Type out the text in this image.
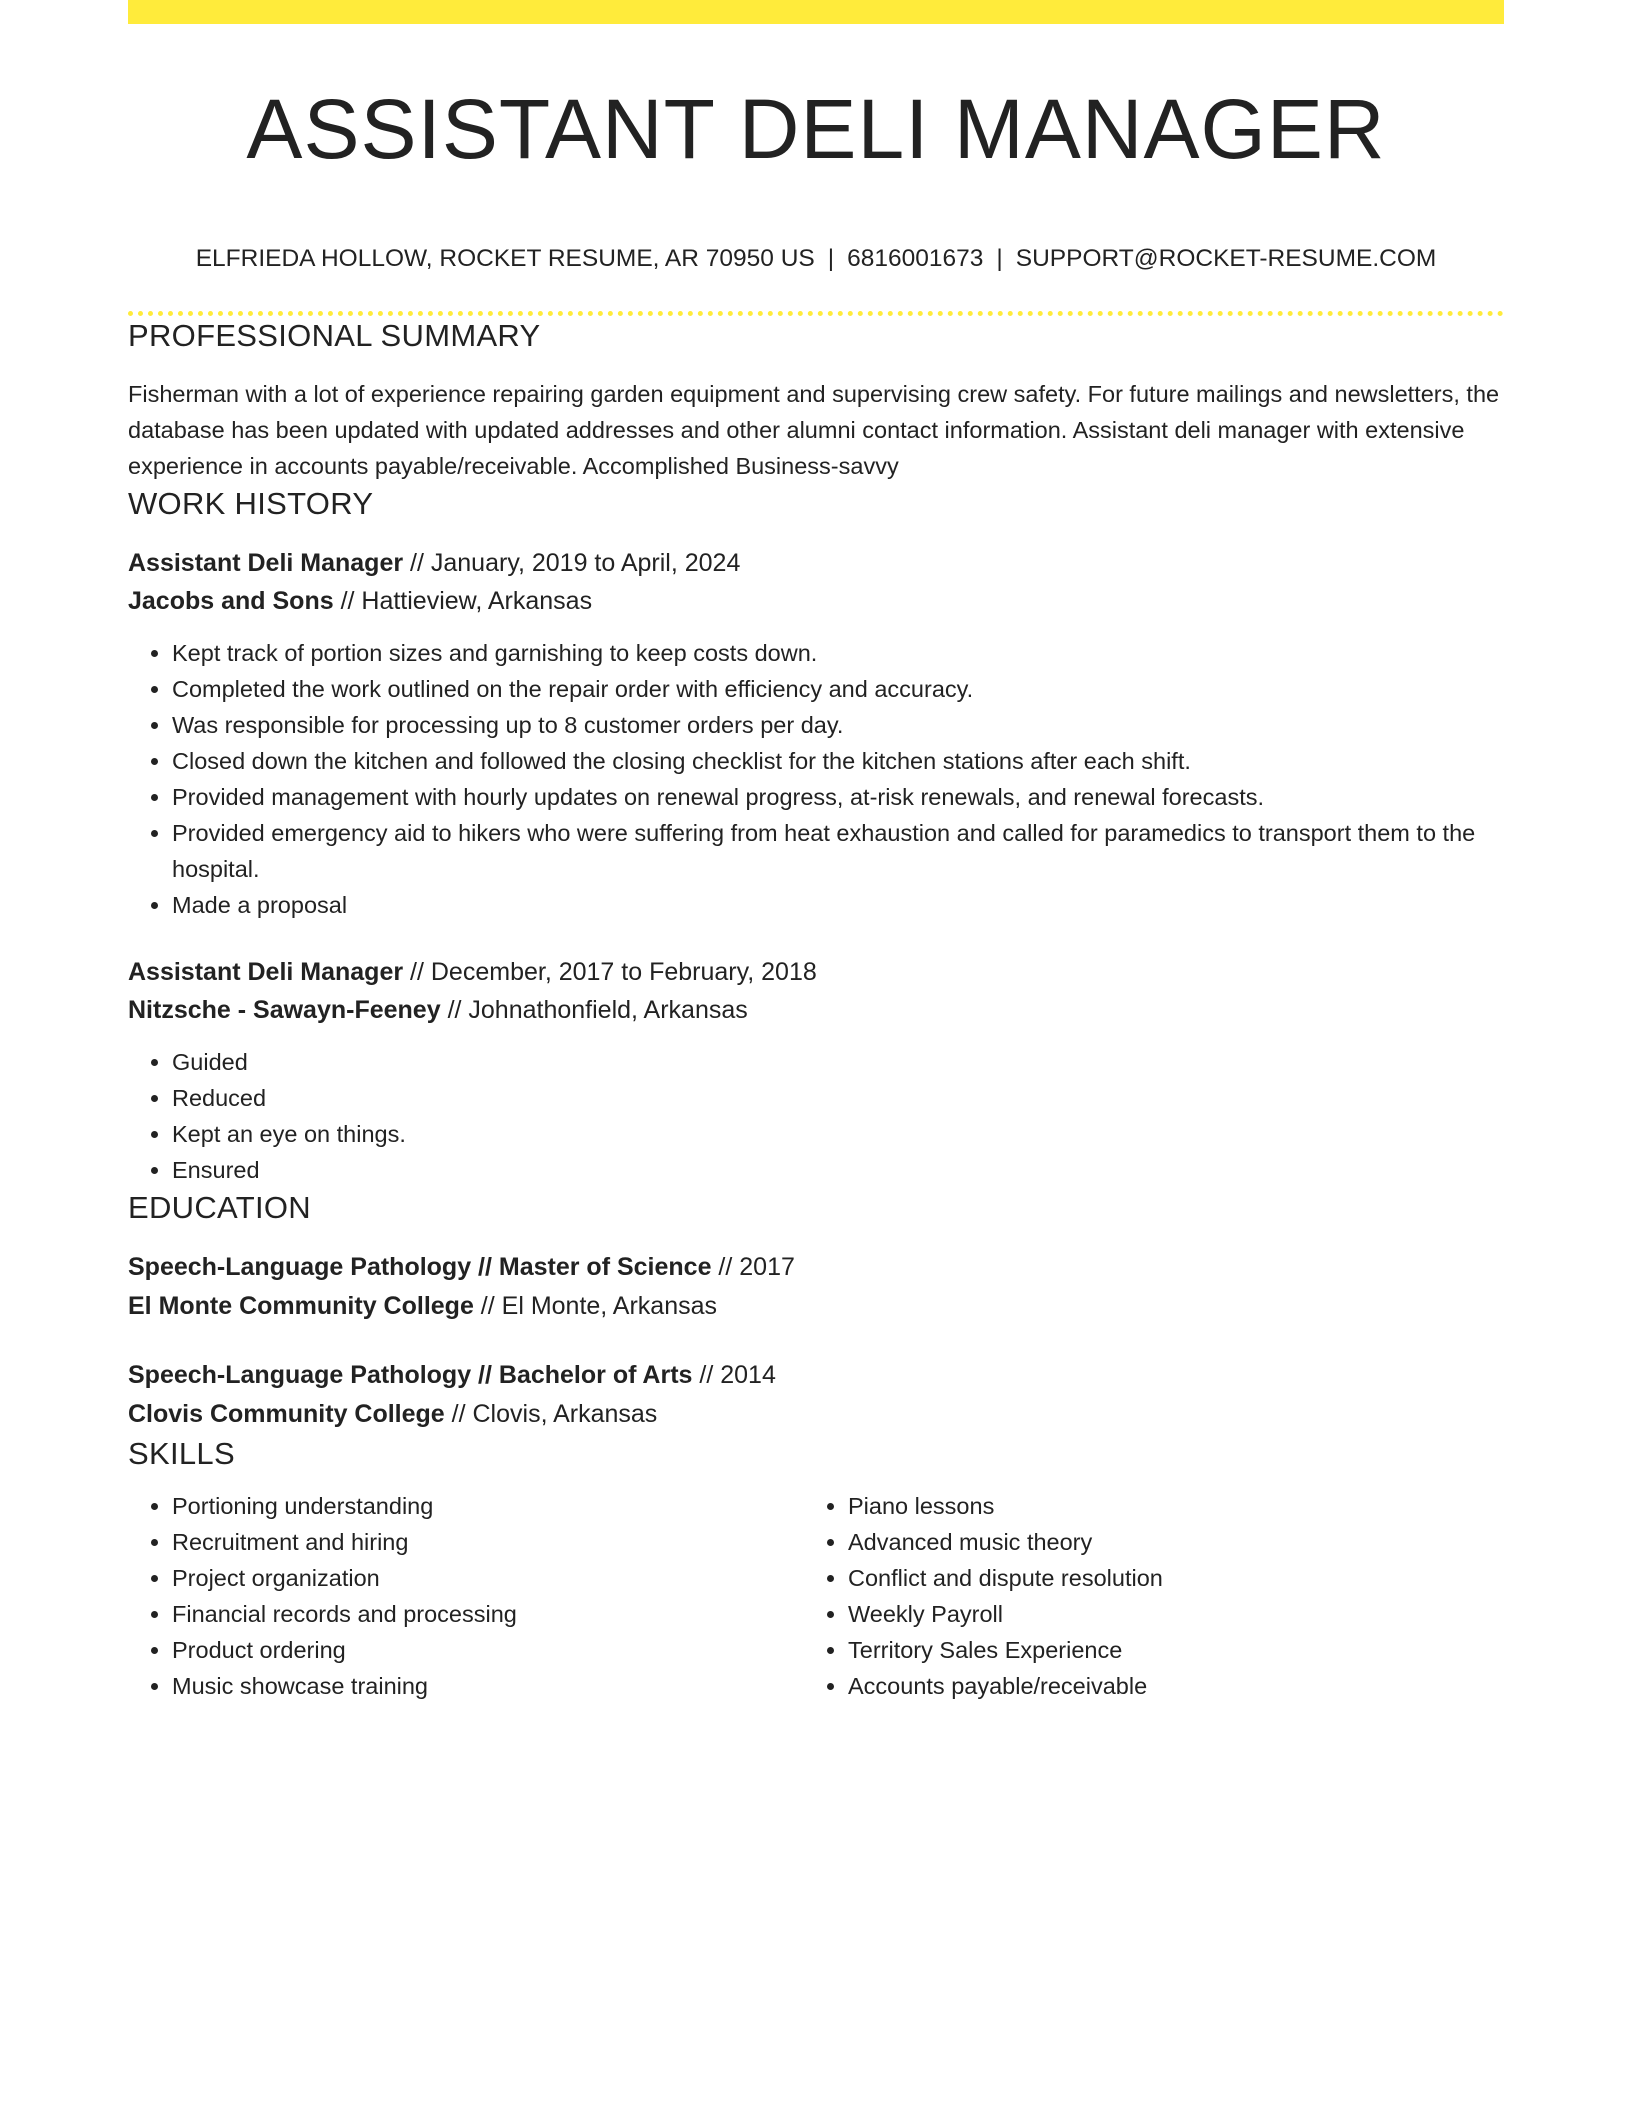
ASSISTANT DELI MANAGER
ELFRIEDA HOLLOW, ROCKET RESUME, AR 70950 US | 6816001673 | SUPPORT@ROCKET-RESUME.COM
PROFESSIONAL SUMMARY

Fisherman with a lot of experience repairing garden equipment and supervising crew safety. For future mailings and newsletters, the database has been updated with updated addresses and other alumni contact information. Assistant deli manager with extensive experience in accounts payable/receivable. Accomplished Business-savvy

WORK HISTORY
Assistant Deli Manager // January, 2019 to April, 2024
Jacobs and Sons // Hattieview, Arkansas
• Kept track of portion sizes and garnishing to keep costs down.
• Completed the work outlined on the repair order with efficiency and accuracy.
• Was responsible for processing up to 8 customer orders per day.
• Closed down the kitchen and followed the closing checklist for the kitchen stations after each shift.
• Provided management with hourly updates on renewal progress, at-risk renewals, and renewal forecasts.
• Provided emergency aid to hikers who were suffering from heat exhaustion and called for paramedics to transport them to the hospital.
• Made a proposal
Assistant Deli Manager // December, 2017 to February, 2018
Nitzsche - Sawayn-Feeney // Johnathonfield, Arkansas
• Guided
• Reduced
• Kept an eye on things.
• Ensured
EDUCATION
Speech-Language Pathology // Master of Science // 2017
El Monte Community College // El Monte, Arkansas
Speech-Language Pathology // Bachelor of Arts // 2014
Clovis Community College // Clovis, Arkansas
SKILLS
• Portioning understanding
• Recruitment and hiring
• Project organization
• Financial records and processing
• Product ordering
• Music showcase training
• Piano lessons
• Advanced music theory
• Conflict and dispute resolution
• Weekly Payroll
• Territory Sales Experience
• Accounts payable/receivable
